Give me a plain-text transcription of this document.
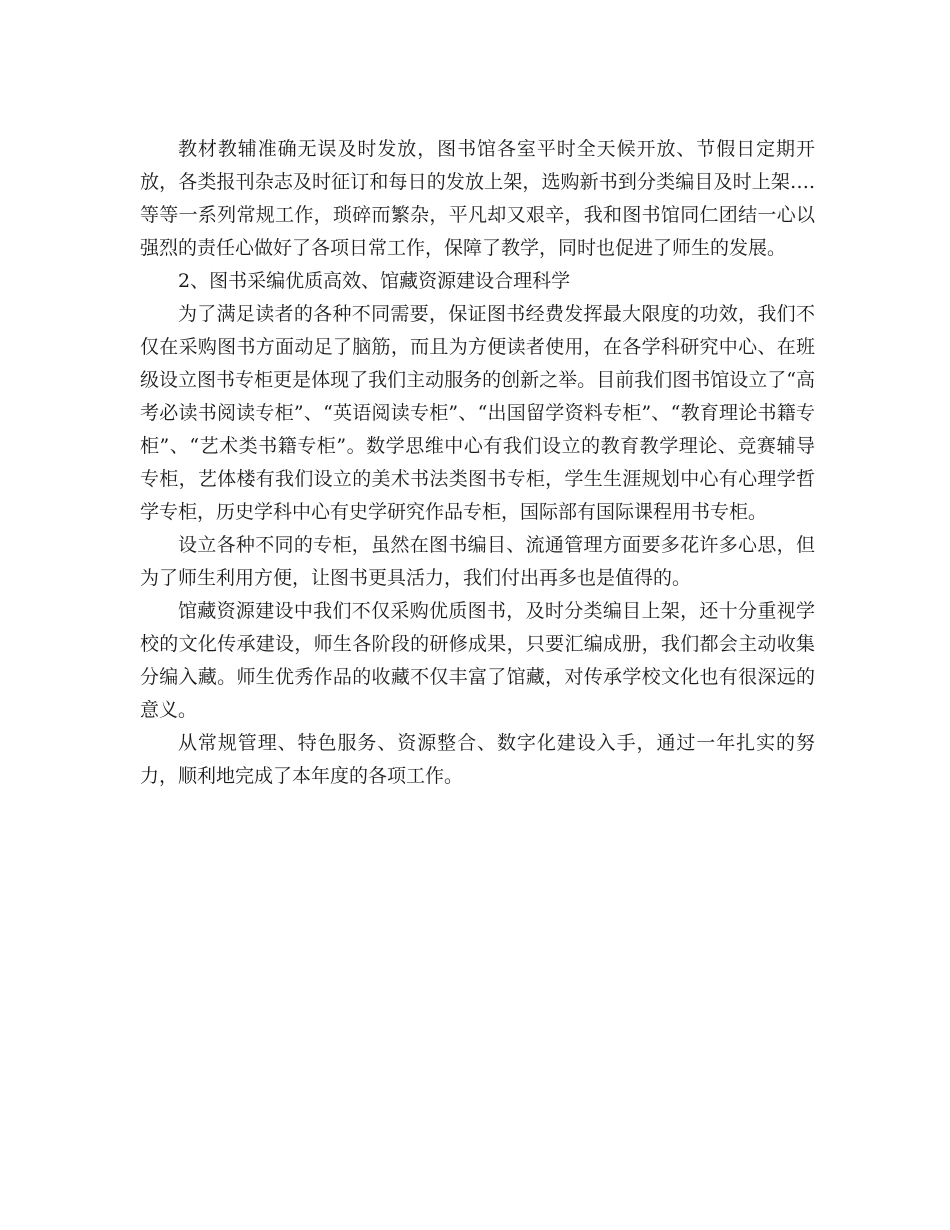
教材教辅准确无误及时发放，图书馆各室平时全天候开放、节假日定期开放，各类报刊杂志及时征订和每日的发放上架，选购新书到分类编目及时上架….等等一系列常规工作，琐碎而繁杂，平凡却又艰辛，我和图书馆同仁团结一心以强烈的责任心做好了各项日常工作，保障了教学，同时也促进了师生的发展。

2、图书采编优质高效、馆藏资源建设合理科学

为了满足读者的各种不同需要，保证图书经费发挥最大限度的功效，我们不仅在采购图书方面动足了脑筋，而且为方便读者使用，在各学科研究中心、在班级设立图书专柜更是体现了我们主动服务的创新之举。目前我们图书馆设立了“高考必读书阅读专柜”、“英语阅读专柜”、“出国留学资料专柜”、“教育理论书籍专柜”、“艺术类书籍专柜”。数学思维中心有我们设立的教育教学理论、竞赛辅导专柜，艺体楼有我们设立的美术书法类图书专柜，学生生涯规划中心有心理学哲学专柜，历史学科中心有史学研究作品专柜，国际部有国际课程用书专柜。

设立各种不同的专柜，虽然在图书编目、流通管理方面要多花许多心思，但为了师生利用方便，让图书更具活力，我们付出再多也是值得的。

馆藏资源建设中我们不仅采购优质图书，及时分类编目上架，还十分重视学校的文化传承建设，师生各阶段的研修成果，只要汇编成册，我们都会主动收集分编入藏。师生优秀作品的收藏不仅丰富了馆藏，对传承学校文化也有很深远的意义。

从常规管理、特色服务、资源整合、数字化建设入手，通过一年扎实的努力，顺利地完成了本年度的各项工作。
